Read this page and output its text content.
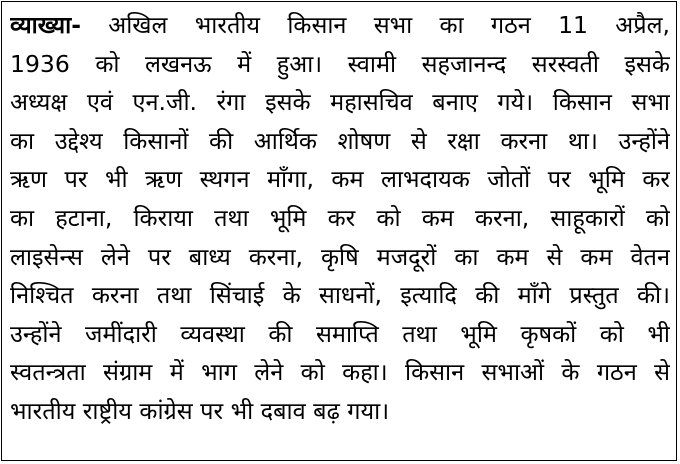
व्याख्या- अखिल भारतीय किसान सभा का गठन 11 अप्रैल,
1936 को लखनऊ में हुआ। स्वामी सहजानन्द सरस्वती इसके
अध्यक्ष एवं एन.जी. रंगा इसके महासचिव बनाए गये। किसान सभा
का उद्देश्य किसानों की आर्थिक शोषण से रक्षा करना था। उन्होंने
ऋण पर भी ऋण स्थगन माँगा, कम लाभदायक जोतों पर भूमि कर
का हटाना, किराया तथा भूमि कर को कम करना, साहूकारों को
लाइसेन्स लेने पर बाध्य करना, कृषि मजदूरों का कम से कम वेतन
निश्चित करना तथा सिंचाई के साधनों, इत्यादि की माँगे प्रस्तुत की।
उन्होंने जमींदारी व्यवस्था की समाप्ति तथा भूमि कृषकों को भी
स्वतन्त्रता संग्राम में भाग लेने को कहा। किसान सभाओं के गठन से
भारतीय राष्ट्रीय कांग्रेस पर भी दबाव बढ़ गया।
